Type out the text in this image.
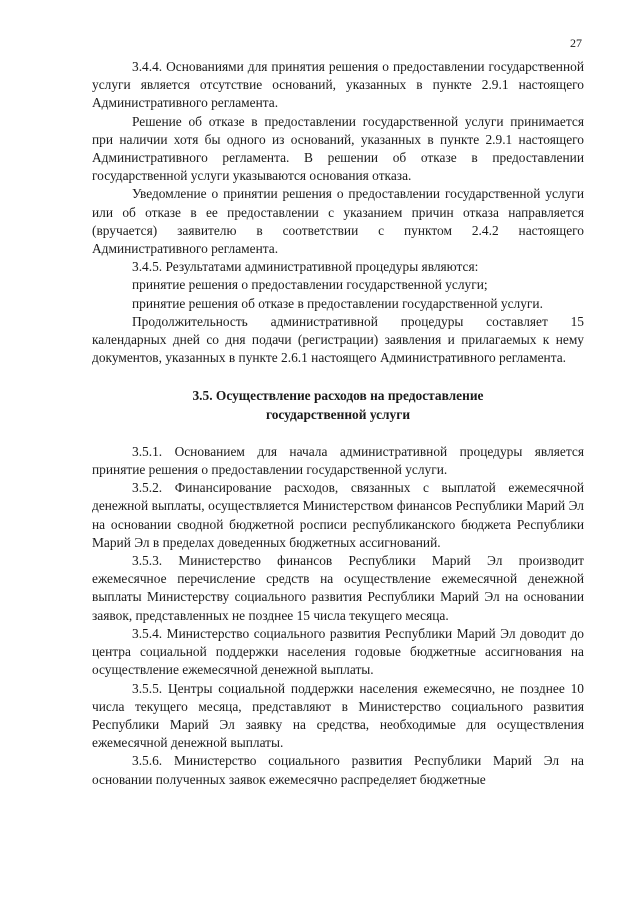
27

3.4.4. Основаниями для принятия решения о предоставлении государственной услуги является отсутствие оснований, указанных в пункте 2.9.1 настоящего Административного регламента.

Решение об отказе в предоставлении государственной услуги принимается при наличии хотя бы одного из оснований, указанных в пункте 2.9.1 настоящего Административного регламента. В решении об отказе в предоставлении государственной услуги указываются основания отказа.

Уведомление о принятии решения о предоставлении государственной услуги или об отказе в ее предоставлении с указанием причин отказа направляется (вручается) заявителю в соответствии с пунктом 2.4.2 настоящего Административного регламента.

3.4.5. Результатами административной процедуры являются:

принятие решения о предоставлении государственной услуги;

принятие решения об отказе в предоставлении государственной услуги.

Продолжительность административной процедуры составляет 15 календарных дней со дня подачи (регистрации) заявления и прилагаемых к нему документов, указанных в пункте 2.6.1 настоящего Административного регламента.

3.5. Осуществление расходов на предоставление
государственной услуги

3.5.1. Основанием для начала административной процедуры является принятие решения о предоставлении государственной услуги.

3.5.2. Финансирование расходов, связанных с выплатой ежемесячной денежной выплаты, осуществляется Министерством финансов Республики Марий Эл на основании сводной бюджетной росписи республиканского бюджета Республики Марий Эл в пределах доведенных бюджетных ассигнований.

3.5.3. Министерство финансов Республики Марий Эл производит ежемесячное перечисление средств на осуществление ежемесячной денежной выплаты Министерству социального развития Республики Марий Эл на основании заявок, представленных не позднее 15 числа текущего месяца.

3.5.4. Министерство социального развития Республики Марий Эл доводит до центра социальной поддержки населения годовые бюджетные ассигнования на осуществление ежемесячной денежной выплаты.

3.5.5. Центры социальной поддержки населения ежемесячно, не позднее 10 числа текущего месяца, представляют в Министерство социального развития Республики Марий Эл заявку на средства, необходимые для осуществления ежемесячной денежной выплаты.

3.5.6. Министерство социального развития Республики Марий Эл на основании полученных заявок ежемесячно распределяет бюджетные
